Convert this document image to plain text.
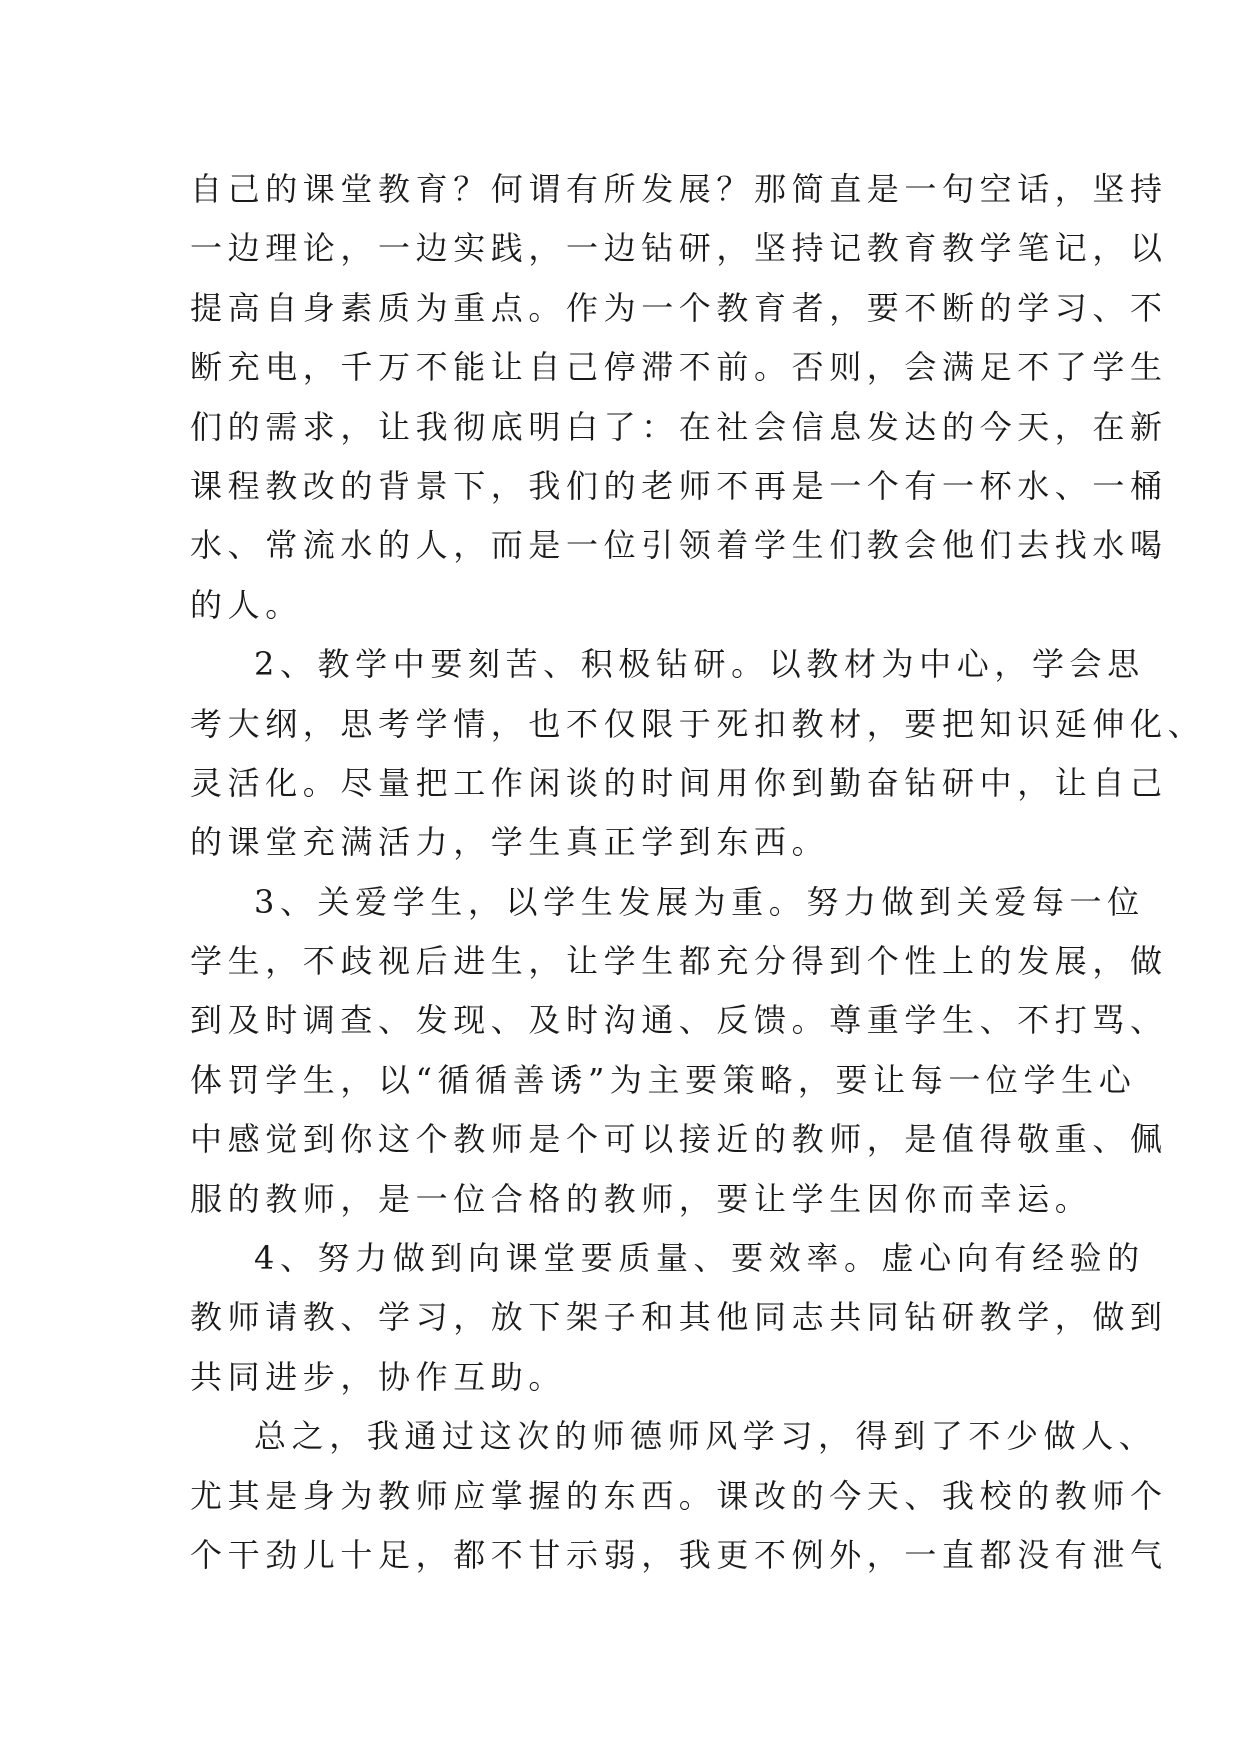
自己的课堂教育？何谓有所发展？那简直是一句空话，坚持
一边理论，一边实践，一边钻研，坚持记教育教学笔记，以
提高自身素质为重点。作为一个教育者，要不断的学习、不
断充电，千万不能让自己停滞不前。否则，会满足不了学生
们的需求，让我彻底明白了：在社会信息发达的今天，在新
课程教改的背景下，我们的老师不再是一个有一杯水、一桶
水、常流水的人，而是一位引领着学生们教会他们去找水喝
的人。
2、教学中要刻苦、积极钻研。以教材为中心，学会思
考大纲，思考学情，也不仅限于死扣教材，要把知识延伸化、
灵活化。尽量把工作闲谈的时间用你到勤奋钻研中，让自己
的课堂充满活力，学生真正学到东西。
3、关爱学生，以学生发展为重。努力做到关爱每一位
学生，不歧视后进生，让学生都充分得到个性上的发展，做
到及时调查、发现、及时沟通、反馈。尊重学生、不打骂、
体罚学生，以“循循善诱”为主要策略，要让每一位学生心
中感觉到你这个教师是个可以接近的教师，是值得敬重、佩
服的教师，是一位合格的教师，要让学生因你而幸运。
4、努力做到向课堂要质量、要效率。虚心向有经验的
教师请教、学习，放下架子和其他同志共同钻研教学，做到
共同进步，协作互助。
总之，我通过这次的师德师风学习，得到了不少做人、
尤其是身为教师应掌握的东西。课改的今天、我校的教师个
个干劲儿十足，都不甘示弱，我更不例外，一直都没有泄气
